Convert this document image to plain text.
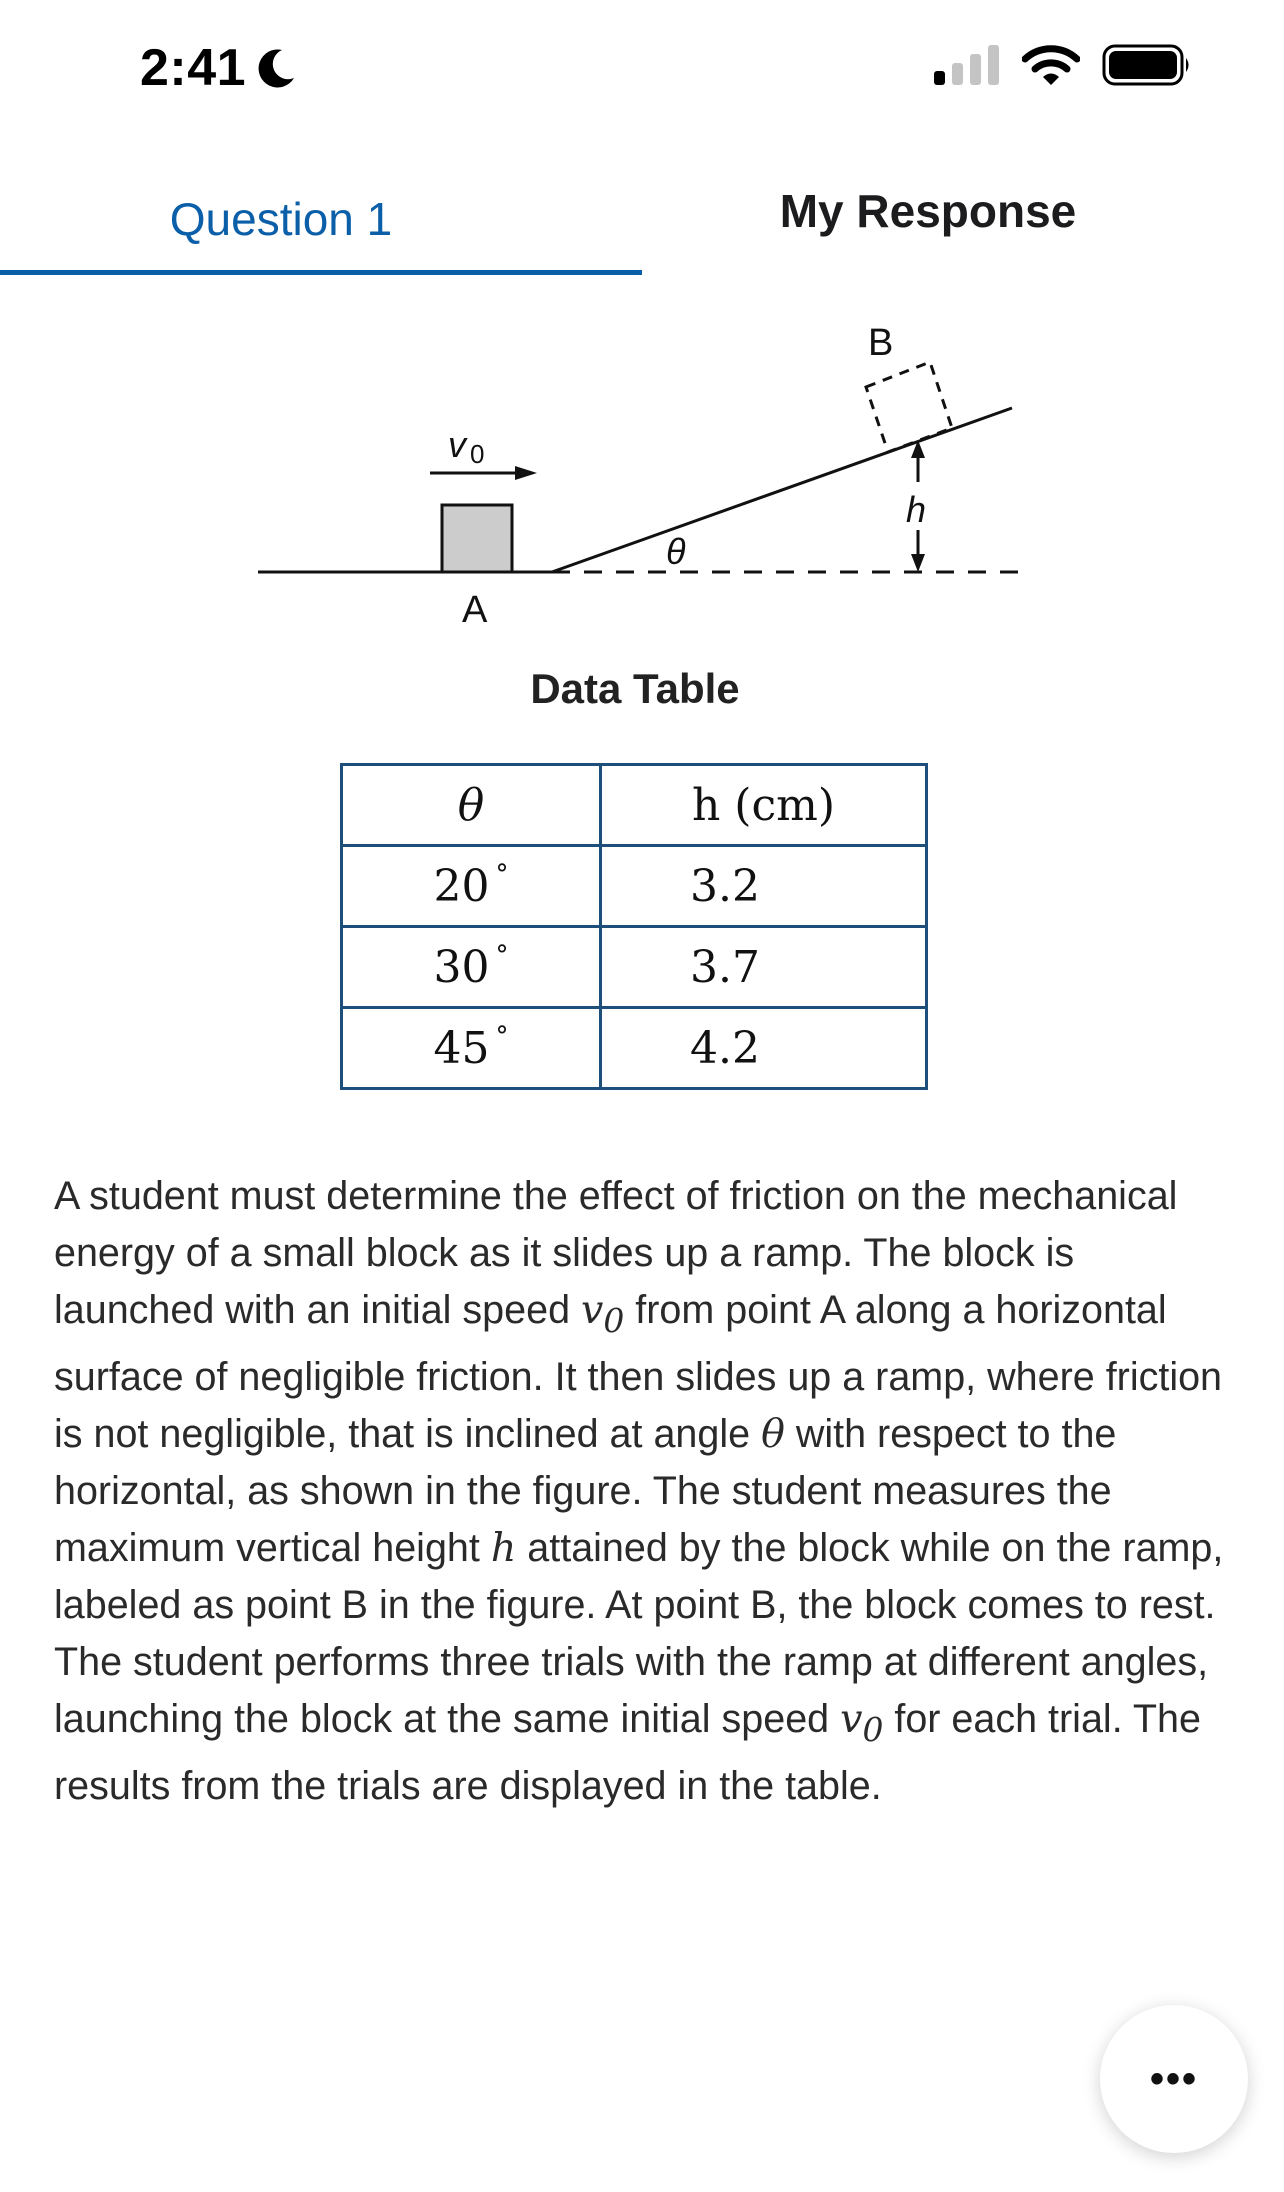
2:41
Question 1	My Response
v 0
A
θ
B
h
Data Table
θ	h (cm)
20 °	3.2
30 °	3.7
45 °	4.2

A student must determine the effect of friction on the mechanical energy of a small block as it slides up a ramp. The block is launched with an initial speed $v_0$ from point A along a horizontal surface of negligible friction. It then slides up a ramp, where friction is not negligible, that is inclined at angle θ with respect to the horizontal, as shown in the figure. The student measures the maximum vertical height h attained by the block while on the ramp, labeled as point B in the figure. At point B, the block comes to rest. The student performs three trials with the ramp at different angles, launching the block at the same initial speed $v_0$ for each trial. The results from the trials are displayed in the table.

•••
